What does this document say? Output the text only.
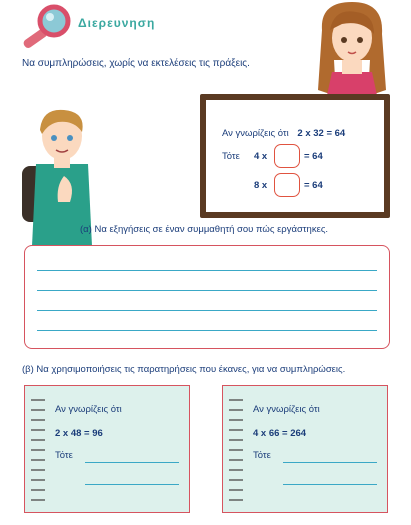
Διερευνηση
Να συμπληρώσεις, χωρίς να εκτελέσεις τις πράξεις.
Αν γνωρίζεις ότι 2 x 32 = 64
Τότε 4 x	= 64
8 x	= 64
(α) Να εξηγήσεις σε έναν συμμαθητή σου πώς εργάστηκες.
(β) Να χρησιμοποιήσεις τις παρατηρήσεις που έκανες, για να συμπληρώσεις.
Αν γνωρίζεις ότι
2 x 48 = 96
Τότε
Αν γνωρίζεις ότι
4 x 66 = 264
Τότε
